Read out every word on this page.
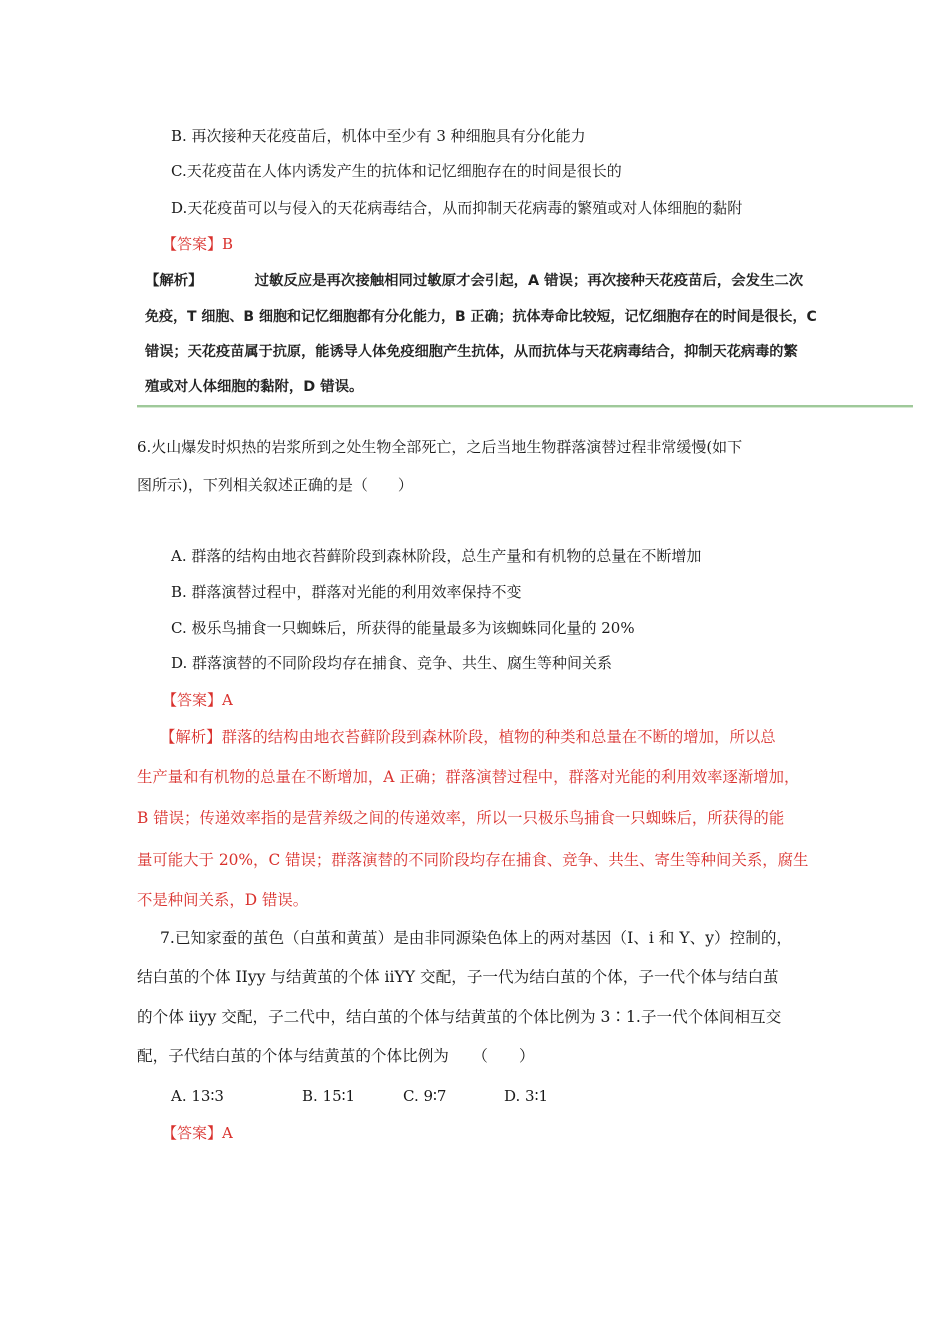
B. 再次接种天花疫苗后，机体中至少有 3 种细胞具有分化能力
C.天花疫苗在人体内诱发产生的抗体和记忆细胞存在的时间是很长的
D.天花疫苗可以与侵入的天花病毒结合，从而抑制天花病毒的繁殖或对人体细胞的黏附
【答案】B
【解析】	过敏反应是再次接触相同过敏原才会引起，A 错误；再次接种天花疫苗后，会发生二次
免疫，T 细胞、B 细胞和记忆细胞都有分化能力，B 正确；抗体寿命比较短，记忆细胞存在的时间是很长，C
错误；天花疫苗属于抗原，能诱导人体免疫细胞产生抗体，从而抗体与天花病毒结合，抑制天花病毒的繁
殖或对人体细胞的黏附，D 错误。
6.火山爆发时炽热的岩浆所到之处生物全部死亡，之后当地生物群落演替过程非常缓慢(如下
图所示)，下列相关叙述正确的是（　　）
A. 群落的结构由地衣苔藓阶段到森林阶段，总生产量和有机物的总量在不断增加
B. 群落演替过程中，群落对光能的利用效率保持不变
C. 极乐鸟捕食一只蜘蛛后，所获得的能量最多为该蜘蛛同化量的 20%
D. 群落演替的不同阶段均存在捕食、竞争、共生、腐生等种间关系
【答案】A
【解析】群落的结构由地衣苔藓阶段到森林阶段，植物的种类和总量在不断的增加，所以总
生产量和有机物的总量在不断增加，A 正确；群落演替过程中，群落对光能的利用效率逐渐增加，
B 错误；传递效率指的是营养级之间的传递效率，所以一只极乐鸟捕食一只蜘蛛后，所获得的能
量可能大于 20%，C 错误；群落演替的不同阶段均存在捕食、竞争、共生、寄生等种间关系，腐生
不是种间关系，D 错误。
7.已知家蚕的茧色（白茧和黄茧）是由非同源染色体上的两对基因（I、i 和 Y、y）控制的，
结白茧的个体 IIyy 与结黄茧的个体 iiYY 交配，子一代为结白茧的个体，子一代个体与结白茧
的个体 iiyy 交配，子二代中，结白茧的个体与结黄茧的个体比例为 3∶1.子一代个体间相互交
配，子代结白茧的个体与结黄茧的个体比例为　　（　　）
A. 13∶3	B. 15∶1	C. 9∶7	D. 3∶1
【答案】A
